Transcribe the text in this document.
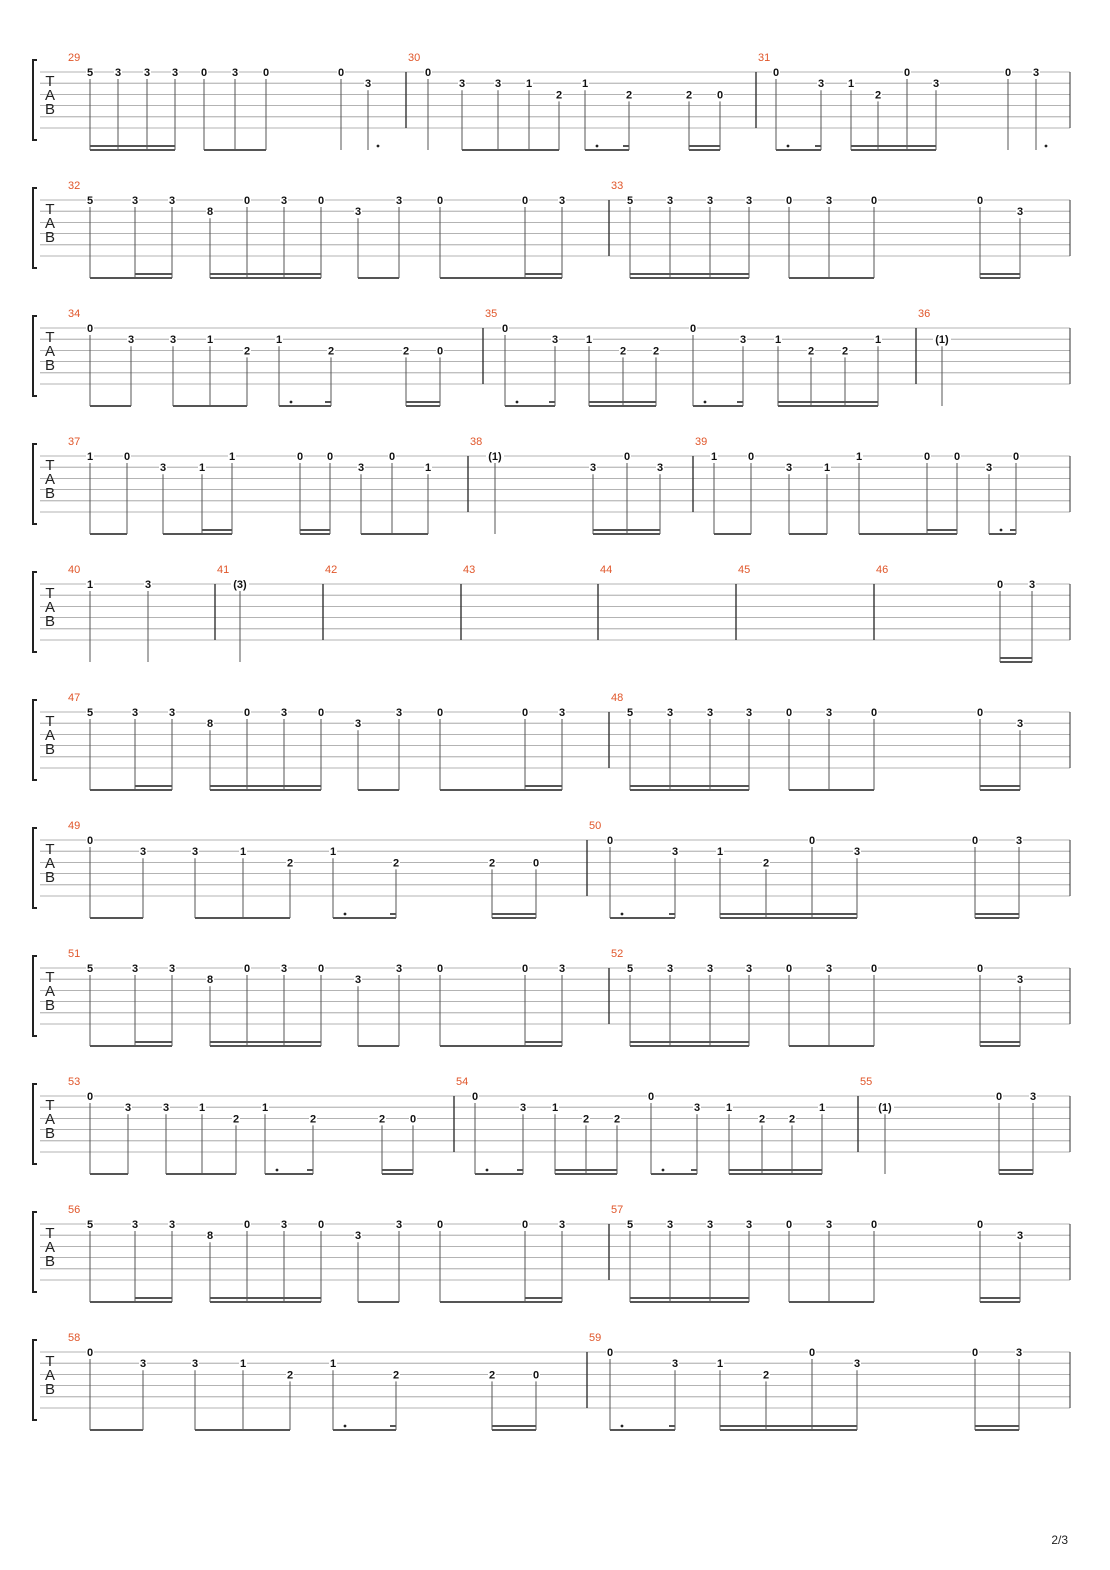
T
A
B
29
5 3 3 3 0 3 0	0
3
30
0
3	3 1
2
1
2	2 0
31
0
3 1
2
0
3
0 3
T
A
B
32
5	3	3
8
0	3	0
3
3	0	0	3
33
5	3	3	3	0	3	0	0
3
T
A
B
34
0
3	3	1
2
1
2	2	0
35
0
3	1
2 2
0
3	1
2	2
1
36
(1)
T
A
B
37
1	0
3	1
1	0 0
3
0
1
38
(1)
3
0
3
39
1	0
3	1
1	0 0
3
0
T
A
B
40
1	3
41
(3)
42	43	44	45	46
0 3
T
A
B
47
5	3	3
8
0	3	0
3
3	0	0	3
48
5	3	3	3	0	3	0	0
3
T
A
B
49
0
3	3	1
2
1
2	2	0
50
0
3	1
2
0
3
0	3
T
A
B
51
5	3	3
8
0	3	0
3
3	0	0	3
52
5	3	3	3	0	3	0	0
3
T
A
B
53
0
3	3	1
2
1
2	2 0
54
0
3 1
2 2
0
3 1
2 2
1
55
(1)
0	3
T
A
B
56
5	3	3
8
0	3	0
3
3	0	0	3
57
5	3	3	3	0	3	0	0
3
T
A
B
58
0
3	3	1
2
1
2	2	0
59
0
3	1
2
0
3
0	3
2/3
